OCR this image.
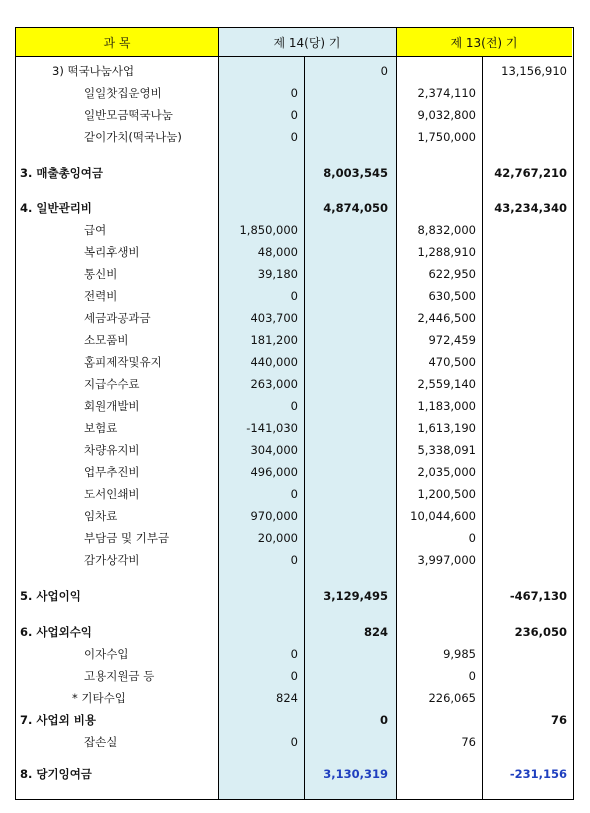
과 목	제 14(당) 기	제 13(전) 기
3) 떡국나눔사업	0	13,156,910
일일찻집운영비	0	2,374,110
일반모금떡국나눔	0	9,032,800
같이가치(떡국나눔)	0	1,750,000
3. 매출총잉여금	8,003,545	42,767,210
4. 일반관리비	4,874,050	43,234,340
급여	1,850,000	8,832,000
복리후생비	48,000	1,288,910
통신비	39,180	622,950
전력비	0	630,500
세금과공과금	403,700	2,446,500
소모품비	181,200	972,459
홈피제작및유지	440,000	470,500
지급수수료	263,000	2,559,140
회원개발비	0	1,183,000
보험료	-141,030	1,613,190
차량유지비	304,000	5,338,091
업무추진비	496,000	2,035,000
도서인쇄비	0	1,200,500
임차료	970,000	10,044,600
부담금 및 기부금	20,000	0
감가상각비	0	3,997,000
5. 사업이익	3,129,495	-467,130
6. 사업외수익	824	236,050
이자수입	0	9,985
고용지원금 등	0	0
* 기타수입	824	226,065
7. 사업외 비용	0	76
잡손실	0	76
8. 당기잉여금	3,130,319	-231,156
